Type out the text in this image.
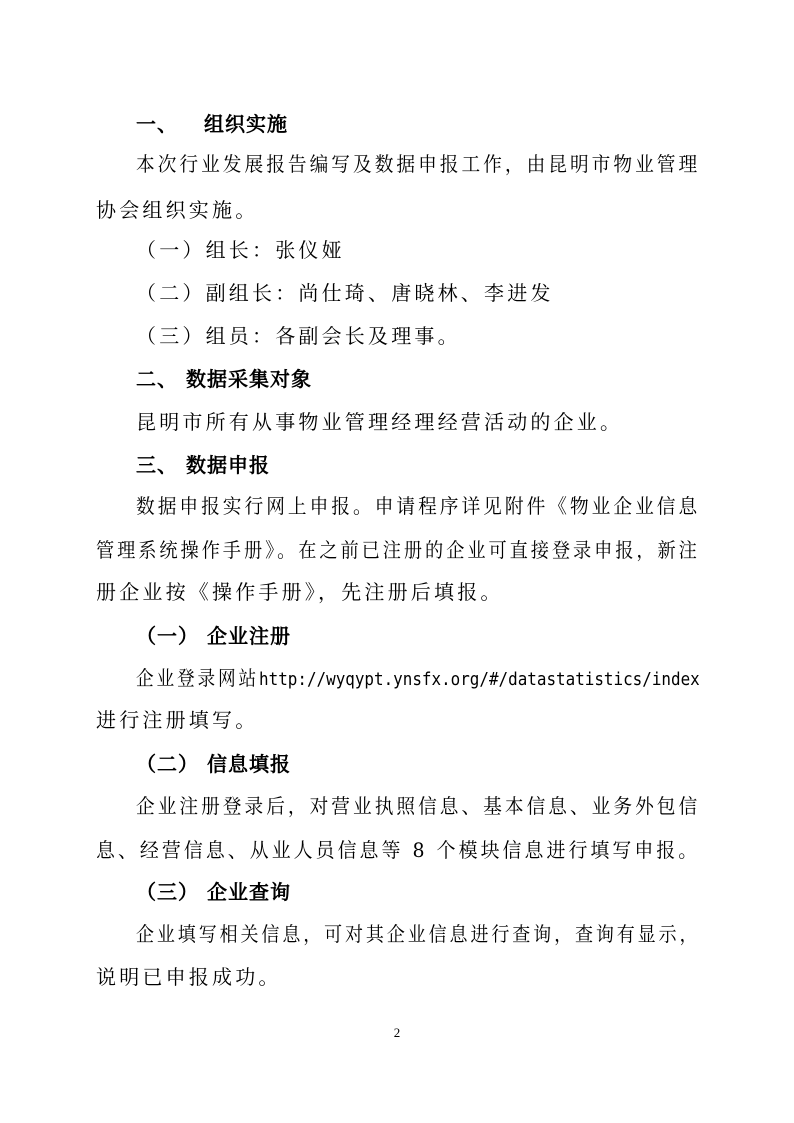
一、 组织实施
本次行业发展报告编写及数据申报工作，由昆明市物业管理
协会组织实施。
（一）组长：张仪娅
（二）副组长：尚仕琦、唐晓林、李进发
（三）组员：各副会长及理事。
二、 数据采集对象
昆明市所有从事物业管理经理经营活动的企业。
三、 数据申报
数据申报实行网上申报。申请程序详见附件《物业企业信息
管理系统操作手册》。在之前已注册的企业可直接登录申报，新注
册企业按《操作手册》，先注册后填报。
（一） 企业注册
企业登录网站http://wyqypt.ynsfx.org/#/datastatistics/index
进行注册填写。
（二） 信息填报
企业注册登录后，对营业执照信息、基本信息、业务外包信
息、经营信息、从业人员信息等 8 个模块信息进行填写申报。
（三） 企业查询
企业填写相关信息，可对其企业信息进行查询，查询有显示，
说明已申报成功。
2
